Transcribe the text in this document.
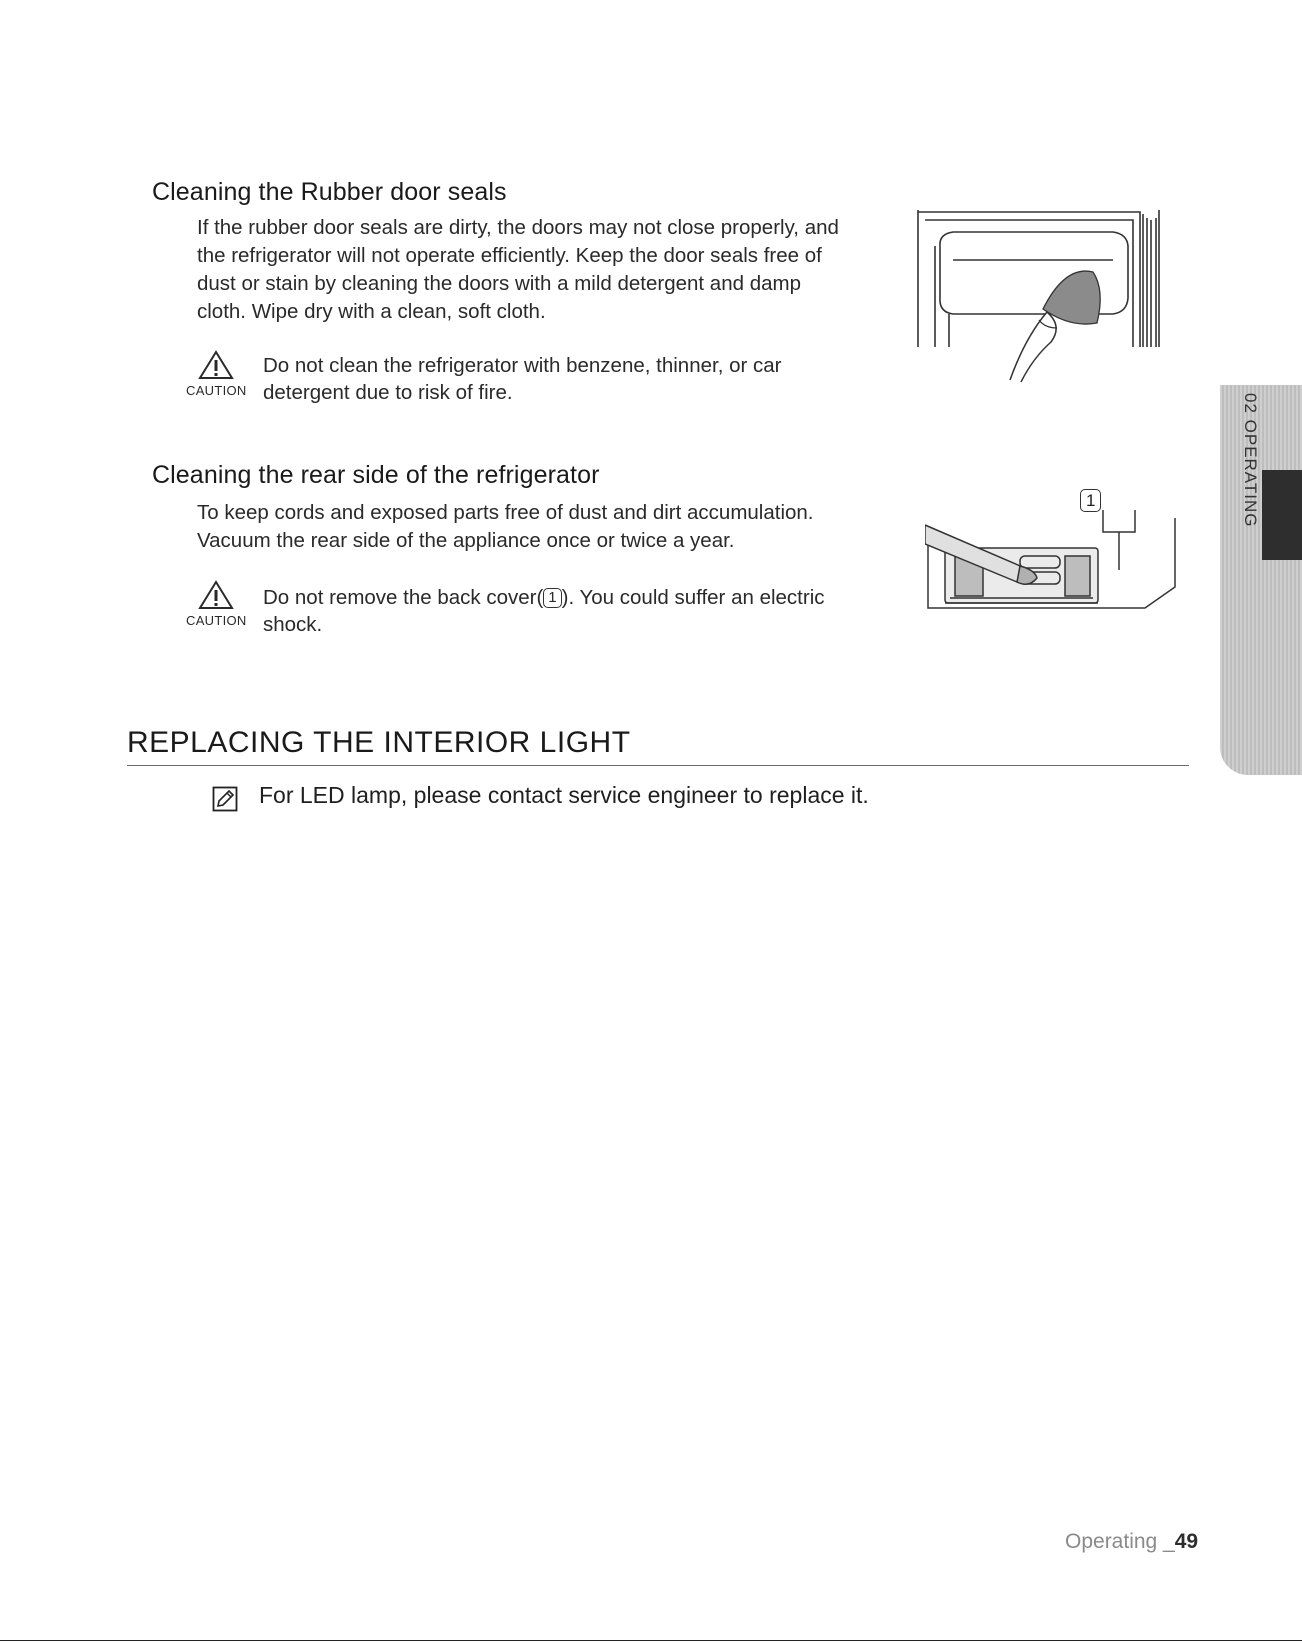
Cleaning the Rubber door seals
If the rubber door seals are dirty, the doors may not close properly, and
the refrigerator will not operate efficiently. Keep the door seals free of
dust or stain by cleaning the doors with a mild detergent and damp
cloth. Wipe dry with a clean, soft cloth.
CAUTION
Do not clean the refrigerator with benzene, thinner, or car
detergent due to risk of fire.
Cleaning the rear side of the refrigerator
To keep cords and exposed parts free of dust and dirt accumulation.
Vacuum the rear side of the appliance once or twice a year.
CAUTION
Do not remove the back cover( 1 ). You could suffer an electric
shock.
1
REPLACING THE INTERIOR LIGHT
For LED lamp, please contact service engineer to replace it.
02 OPERATING
Operating _49
